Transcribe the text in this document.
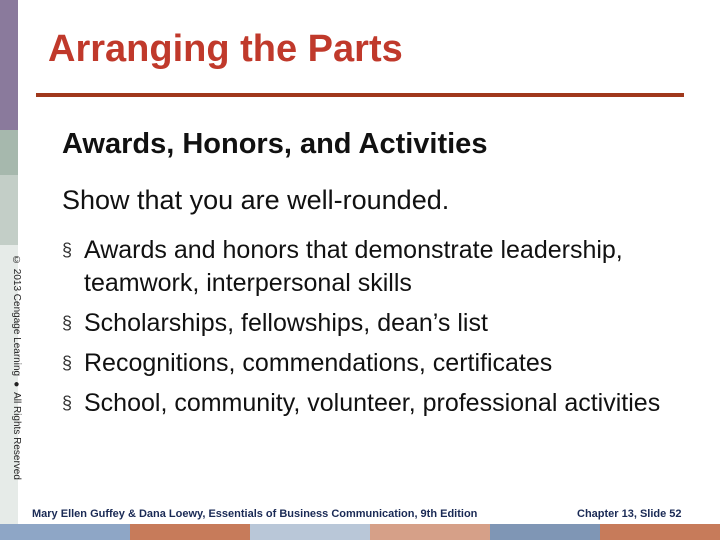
Arranging the Parts
Awards, Honors, and Activities
Show that you are well-rounded.
§ Awards and honors that demonstrate leadership, teamwork, interpersonal skills
§ Scholarships, fellowships, dean’s list
§ Recognitions, commendations, certificates
§ School, community, volunteer, professional activities
© 2013 Cengage Learning ● All Rights Reserved
Mary Ellen Guffey & Dana Loewy, Essentials of Business Communication, 9th Edition	Chapter 13, Slide 52
